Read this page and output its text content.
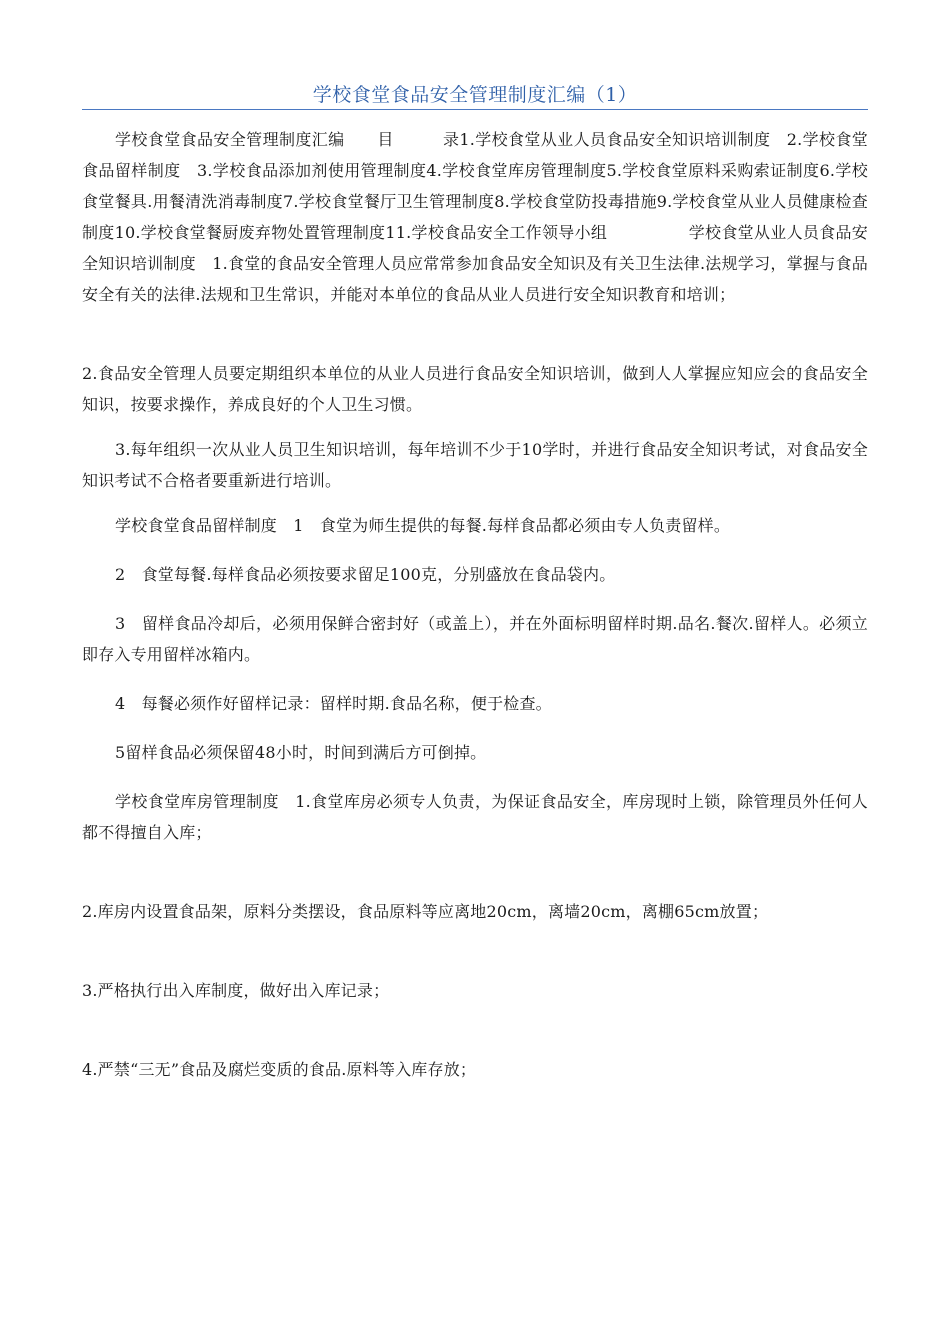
学校食堂食品安全管理制度汇编（1）

学校食堂食品安全管理制度汇编　　目　　　录1.学校食堂从业人员食品安全知识培训制度　2.学校食堂食品留样制度　3.学校食品添加剂使用管理制度4.学校食堂库房管理制度5.学校食堂原料采购索证制度6.学校食堂餐具.用餐清洗消毒制度7.学校食堂餐厅卫生管理制度8.学校食堂防投毒措施9.学校食堂从业人员健康检查制度10.学校食堂餐厨废弃物处置管理制度11.学校食品安全工作领导小组　　　　　学校食堂从业人员食品安全知识培训制度　1.食堂的食品安全管理人员应常常参加食品安全知识及有关卫生法律.法规学习，掌握与食品安全有关的法律.法规和卫生常识，并能对本单位的食品从业人员进行安全知识教育和培训；

2.食品安全管理人员要定期组织本单位的从业人员进行食品安全知识培训，做到人人掌握应知应会的食品安全知识，按要求操作，养成良好的个人卫生习惯。

3.每年组织一次从业人员卫生知识培训，每年培训不少于10学时，并进行食品安全知识考试，对食品安全知识考试不合格者要重新进行培训。

学校食堂食品留样制度　1　食堂为师生提供的每餐.每样食品都必须由专人负责留样。

2　食堂每餐.每样食品必须按要求留足100克，分别盛放在食品袋内。

3　留样食品冷却后，必须用保鲜合密封好（或盖上），并在外面标明留样时期.品名.餐次.留样人。必须立即存入专用留样冰箱内。

4　每餐必须作好留样记录：留样时期.食品名称，便于检查。

5留样食品必须保留48小时，时间到满后方可倒掉。

学校食堂库房管理制度　1.食堂库房必须专人负责，为保证食品安全，库房现时上锁，除管理员外任何人都不得擅自入库；

2.库房内设置食品架，原料分类摆设，食品原料等应离地20cm，离墙20cm，离棚65cm放置；

3.严格执行出入库制度，做好出入库记录；

4.严禁“三无”食品及腐烂变质的食品.原料等入库存放；
